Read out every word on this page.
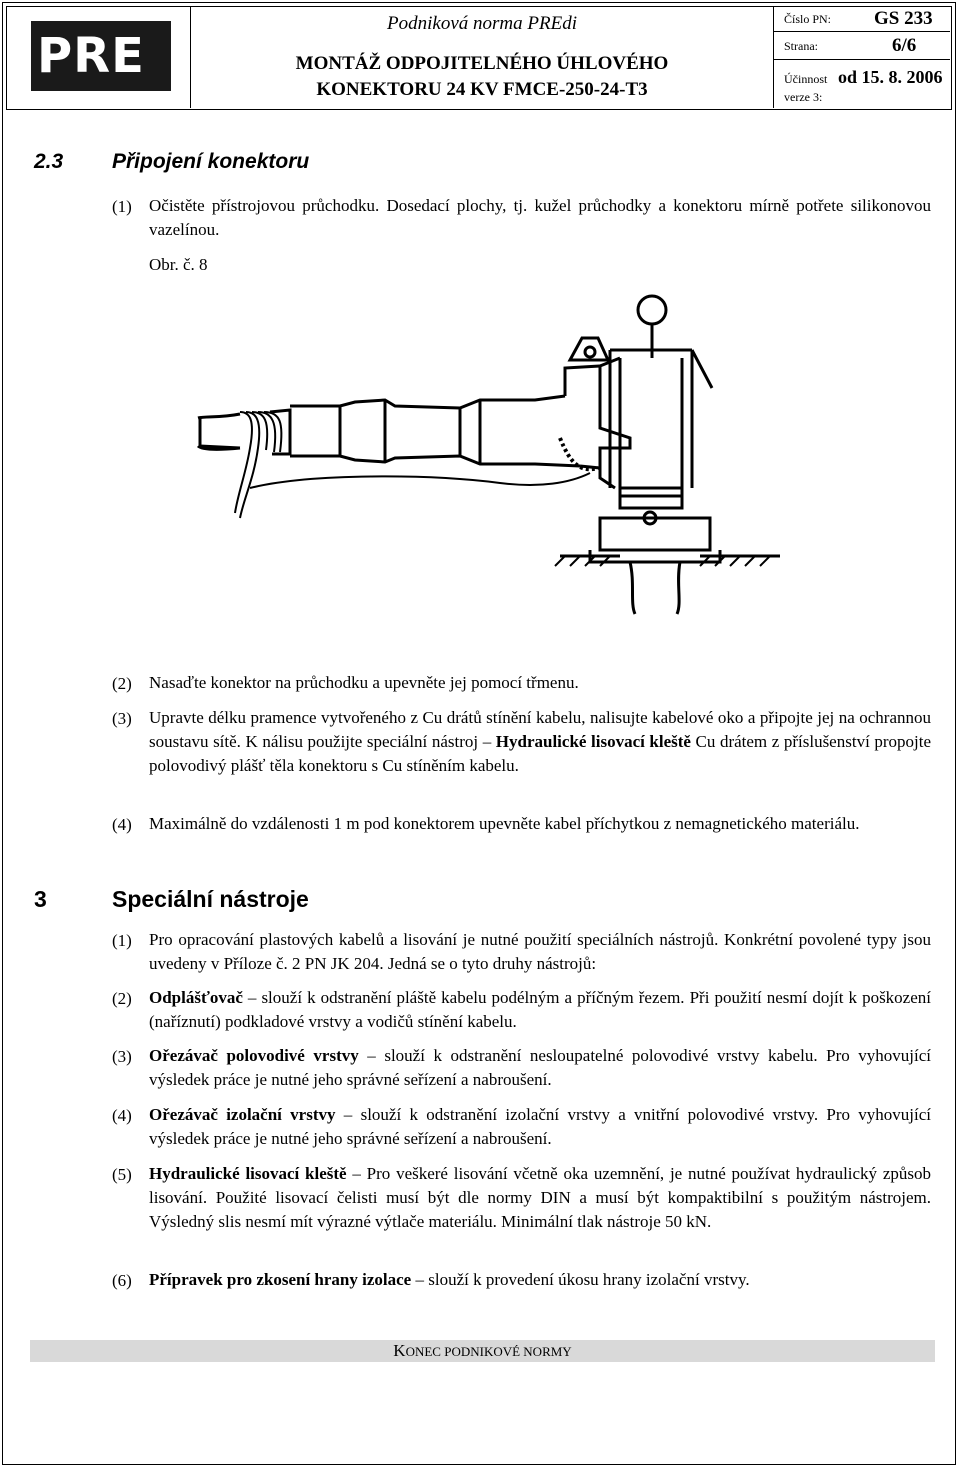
PRE
Podniková norma PREdi
MONTÁŽ ODPOJITELNÉHO ÚHLOVÉHO
KONEKTORU 24 KV FMCE-250-24-T3
Číslo PN: GS 233
Strana:	6/6
Účinnost od 15. 8. 2006
verze 3:
2.3 Připojení konektoru
(1) Očistěte přístrojovou průchodku. Dosedací plochy, tj. kužel průchodky a konektoru mírně potřete silikonovou vazelínou.
Obr. č. 8
(2) Nasaďte konektor na průchodku a upevněte jej pomocí třmenu.
(3) Upravte délku pramence vytvořeného z Cu drátů stínění kabelu, nalisujte kabelové oko a připojte jej na ochrannou soustavu sítě. K nálisu použijte speciální nástroj – Hydraulické lisovací kleště Cu drátem z příslušenství propojte polovodivý plášť těla konektoru s Cu stíněním kabelu.
(4) Maximálně do vzdálenosti 1 m pod konektorem upevněte kabel příchytkou z nemagnetického materiálu.
3	Speciální nástroje
(1) Pro opracování plastových kabelů a lisování je nutné použití speciálních nástrojů. Konkrétní povolené typy jsou uvedeny v Příloze č. 2 PN JK 204. Jedná se o tyto druhy nástrojů:
(2) Odplášťovač – slouží k odstranění pláště kabelu podélným a příčným řezem. Při použití nesmí dojít k poškození (naříznutí) podkladové vrstvy a vodičů stínění kabelu.
(3) Ořezávač polovodivé vrstvy – slouží k odstranění nesloupatelné polovodivé vrstvy kabelu. Pro vyhovující výsledek práce je nutné jeho správné seřízení a nabroušení.
(4) Ořezávač izolační vrstvy – slouží k odstranění izolační vrstvy a vnitřní polovodivé vrstvy. Pro vyhovující výsledek práce je nutné jeho správné seřízení a nabroušení.
(5) Hydraulické lisovací kleště – Pro veškeré lisování včetně oka uzemnění, je nutné používat hydraulický způsob lisování. Použité lisovací čelisti musí být dle normy DIN a musí být kompaktibilní s použitým nástrojem. Výsledný slis nesmí mít výrazné výtlače materiálu. Minimální tlak nástroje 50 kN.
(6) Přípravek pro zkosení hrany izolace – slouží k provedení úkosu hrany izolační vrstvy.
KONEC PODNIKOVÉ NORMY
